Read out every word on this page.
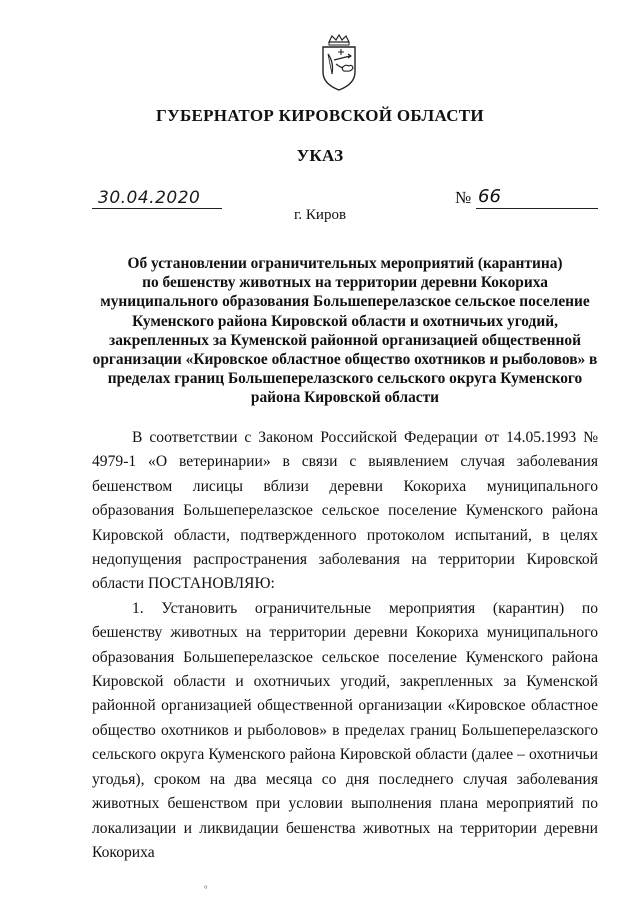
ГУБЕРНАТОР КИРОВСКОЙ ОБЛАСТИ
УКАЗ
30.04.2020	№ 66
г. Киров
Об установлении ограничительных мероприятий (карантина)
по бешенству животных на территории деревни Кокориха
муниципального образования Большеперелазское сельское поселение
Куменского района Кировской области и охотничьих угодий,
закрепленных за Куменской районной организацией общественной
организации «Кировское областное общество охотников и рыболовов» в
пределах границ Большеперелазского сельского округа Куменского
района Кировской области

В соответствии с Законом Российской Федерации от 14.05.1993 № 4979-1 «О ветеринарии» в связи с выявлением случая заболевания бешенством лисицы вблизи деревни Кокориха муниципального образования Большеперелазское сельское поселение Куменского района Кировской области, подтвержденного протоколом испытаний, в целях недопущения распространения заболевания на территории Кировской области ПОСТАНОВЛЯЮ:

1. Установить ограничительные мероприятия (карантин) по бешенству животных на территории деревни Кокориха муниципального образования Большеперелазское сельское поселение Куменского района Кировской области и охотничьих угодий, закрепленных за Куменской районной организацией общественной организации «Кировское областное общество охотников и рыболовов» в пределах границ Большеперелазского сельского округа Куменского района Кировской области (далее – охотничьи угодья), сроком на два месяца со дня последнего случая заболевания животных бешенством при условии выполнения плана мероприятий по локализации и ликвидации бешенства животных на территории деревни Кокориха

°
